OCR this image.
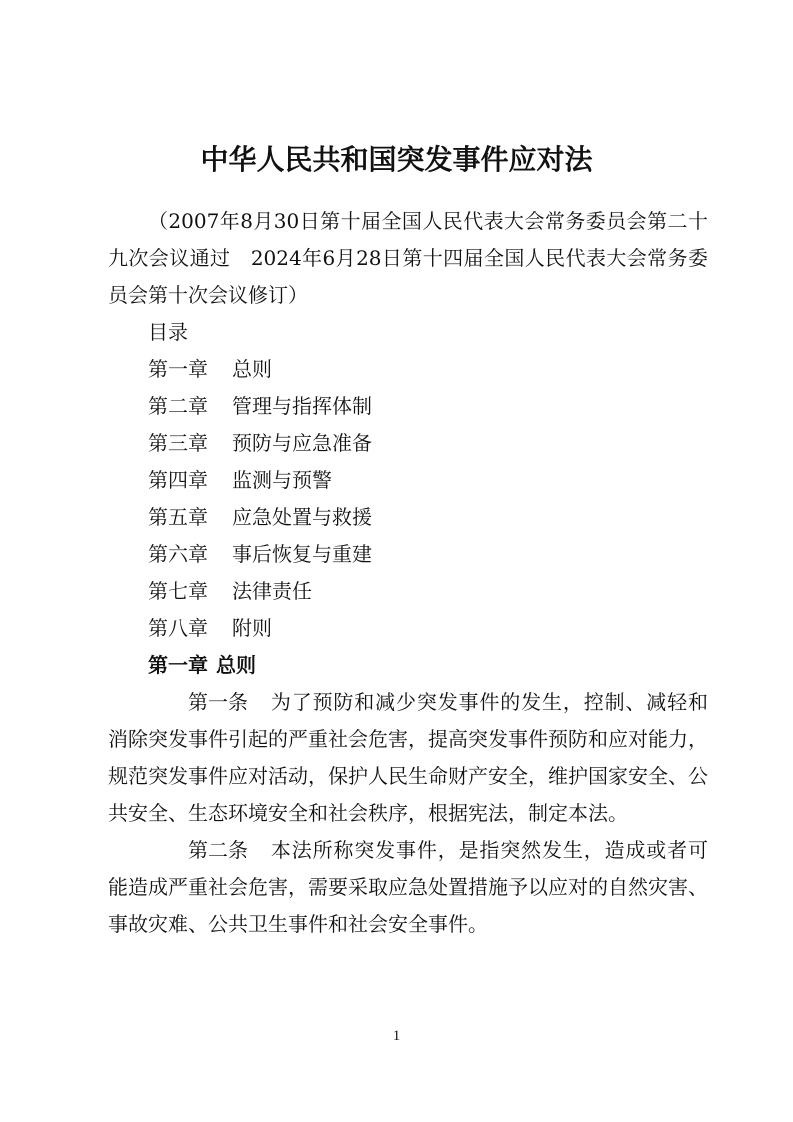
中华人民共和国突发事件应对法

（2007年8月30日第十届全国人民代表大会常务委员会第二十九次会议通过　2024年6月28日第十四届全国人民代表大会常务委员会第十次会议修订）

目录

第一章 总则

第二章 管理与指挥体制

第三章 预防与应急准备

第四章 监测与预警

第五章 应急处置与救援

第六章 事后恢复与重建

第七章 法律责任

第八章 附则

第一章 总则

第一条 为了预防和减少突发事件的发生，控制、减轻和消除突发事件引起的严重社会危害，提高突发事件预防和应对能力，规范突发事件应对活动，保护人民生命财产安全，维护国家安全、公共安全、生态环境安全和社会秩序，根据宪法，制定本法。

第二条 本法所称突发事件，是指突然发生，造成或者可能造成严重社会危害，需要采取应急处置措施予以应对的自然灾害、事故灾难、公共卫生事件和社会安全事件。

1
